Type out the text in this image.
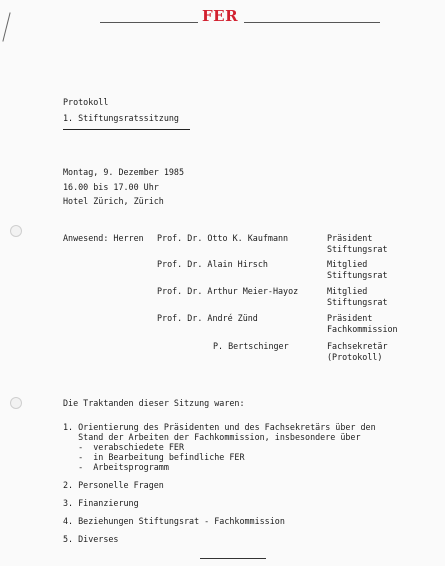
FER
Protokoll
1. Stiftungsratssitzung
Montag, 9. Dezember 1985
16.00 bis 17.00 Uhr
Hotel Zürich, Zürich
Anwesend: Herren Prof. Dr. Otto K. Kaufmann	Präsident
Stiftungsrat
Prof. Dr. Alain Hirsch	Mitglied
Stiftungsrat
Prof. Dr. Arthur Meier-Hayoz	Mitglied
Stiftungsrat
Prof. Dr. André Zünd	Präsident
Fachkommission
P. Bertschinger	Fachsekretär
(Protokoll)
Die Traktanden dieser Sitzung waren:
1. Orientierung des Präsidenten und des Fachsekretärs über den
Stand der Arbeiten der Fachkommission, insbesondere über
-  verabschiedete FER
-  in Bearbeitung befindliche FER
-  Arbeitsprogramm
2. Personelle Fragen
3. Finanzierung
4. Beziehungen Stiftungsrat - Fachkommission
5. Diverses
